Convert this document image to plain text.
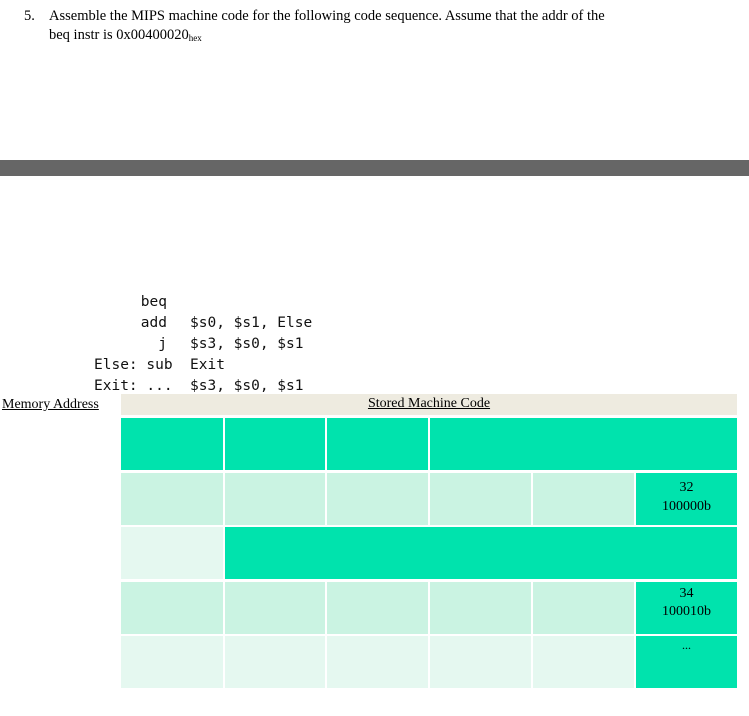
5. Assemble the MIPS machine code for the following code sequence. Assume that the addr of the
beq instr is $0x00400020_{hex}$

beq

$s0, $s1, Else

add

$s3, $s0, $s1

j

Exit

Else: sub

$s3, $s0, $s1

Exit: ...

Memory Address	Stored Machine Code
32
100000b
34
100010b
...
